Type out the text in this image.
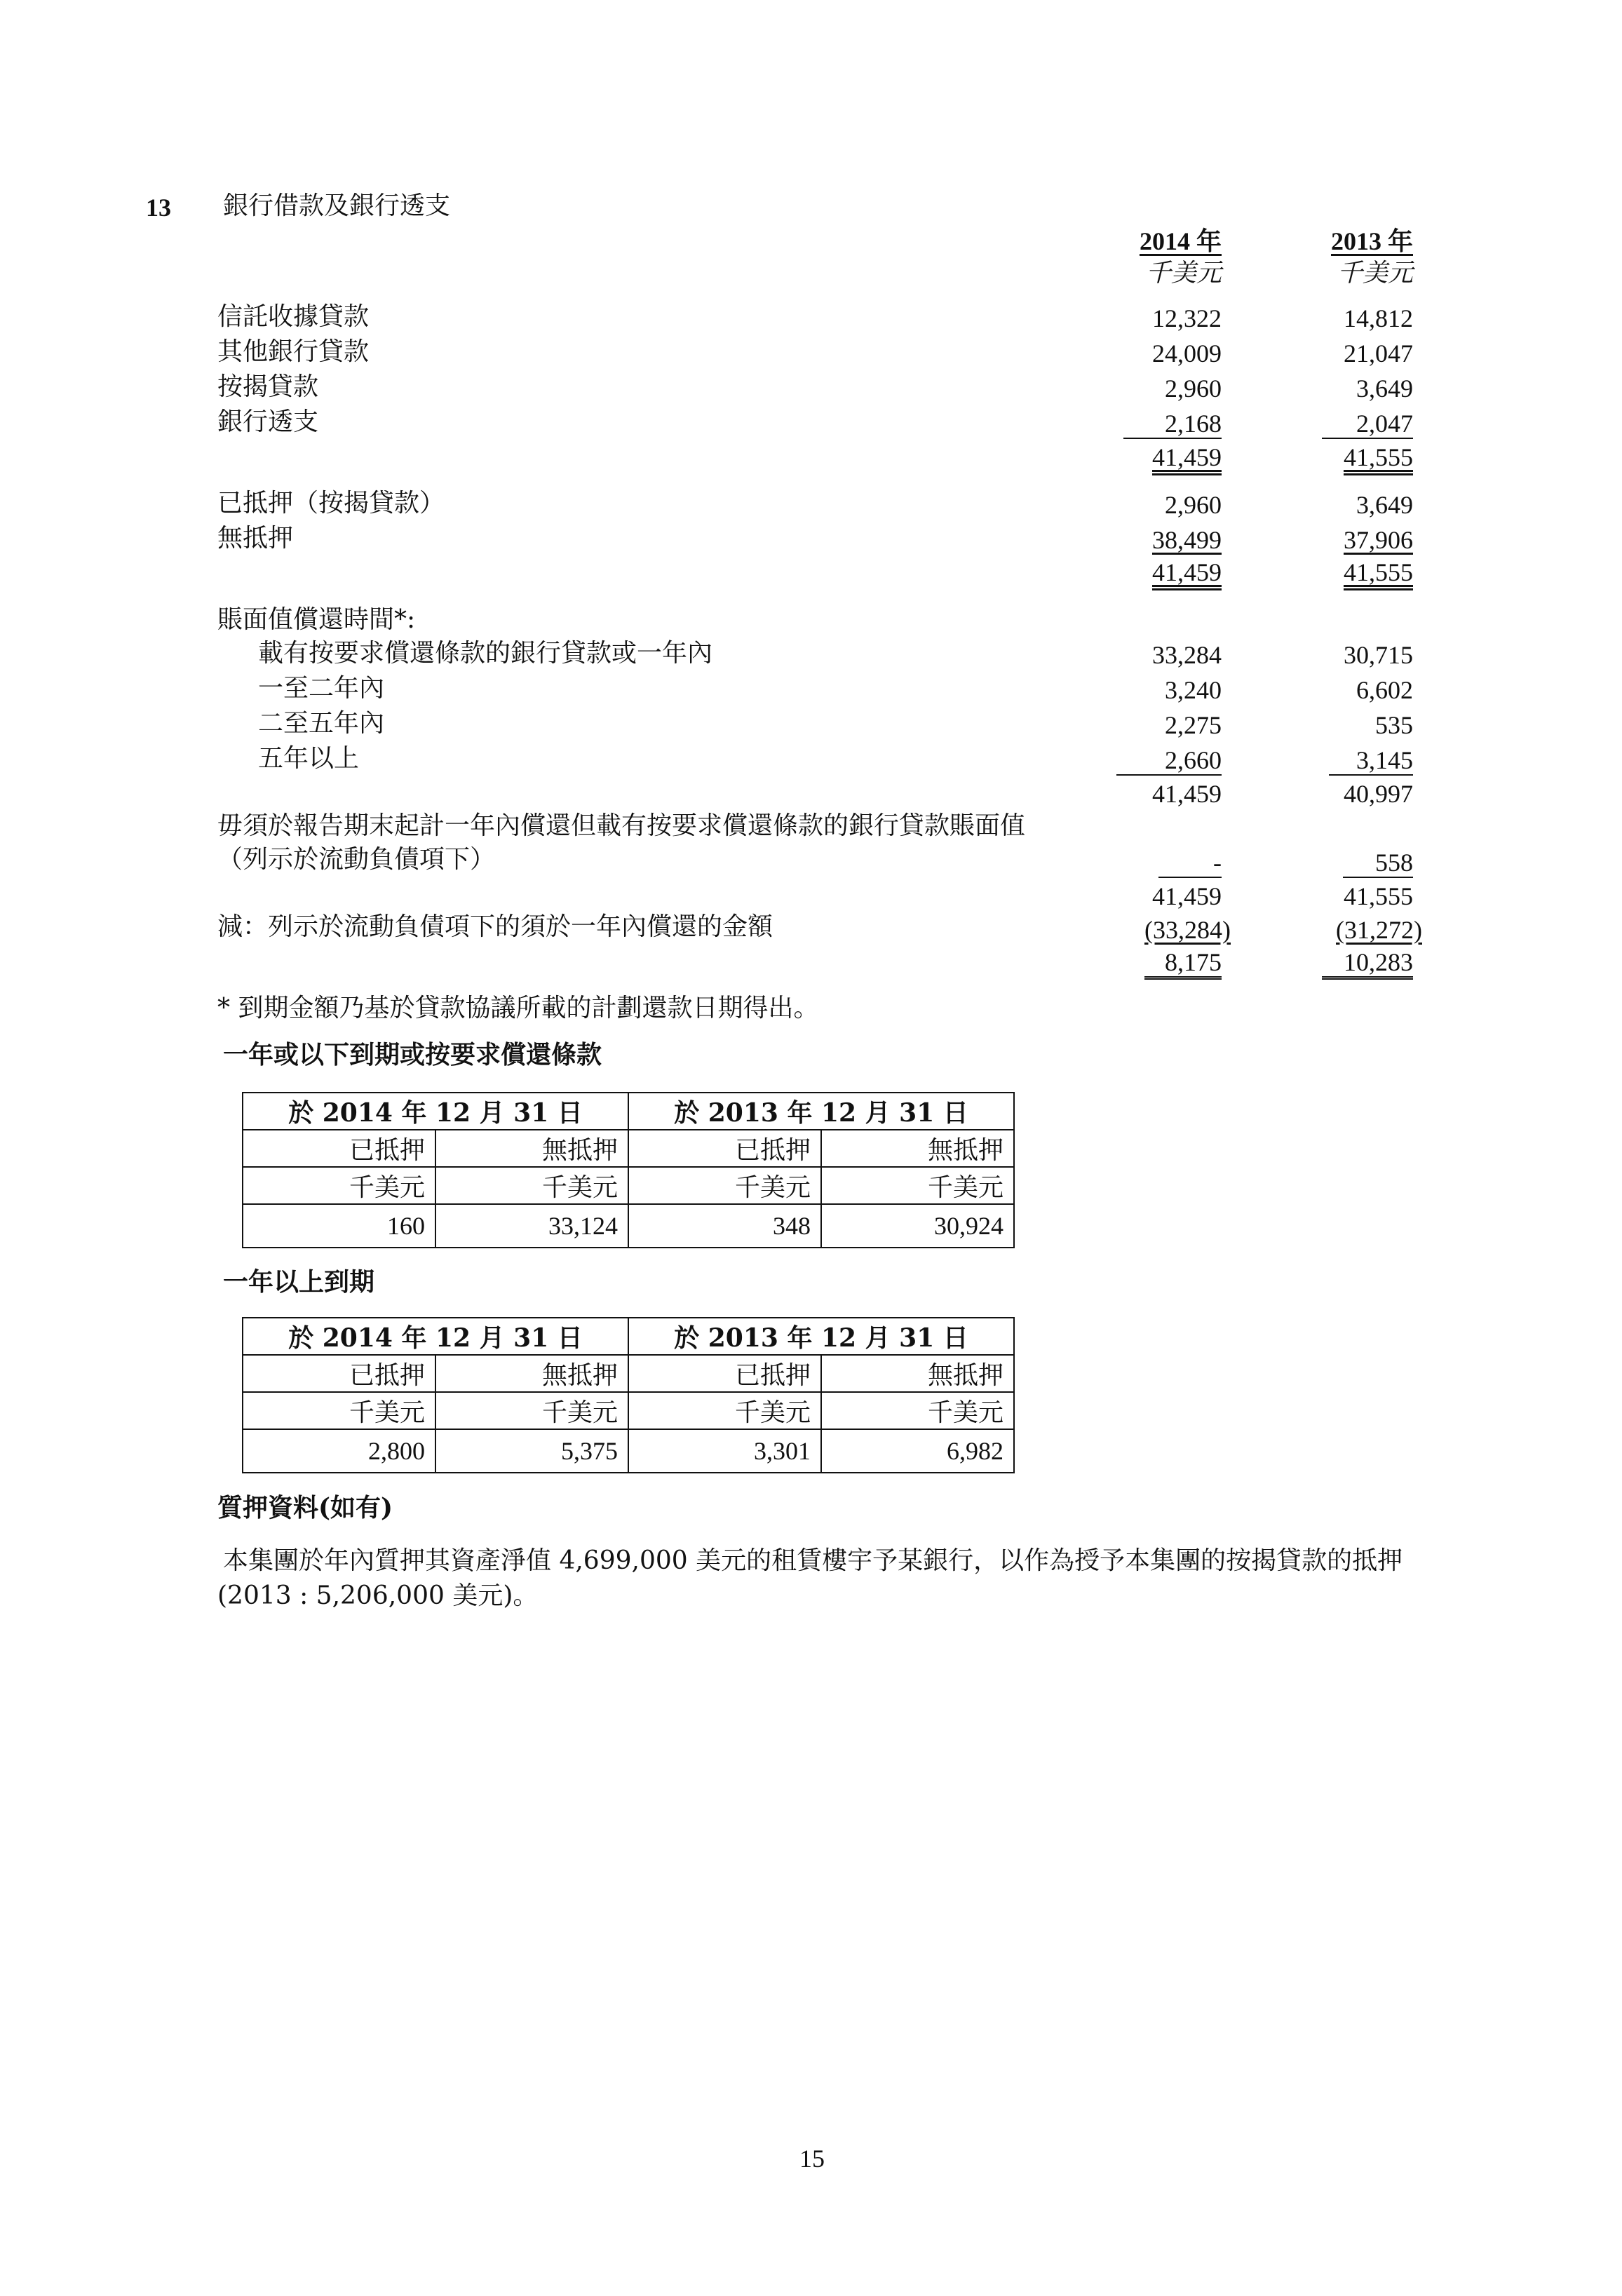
13 銀行借款及銀行透支
2014 年	2013 年
千美元	千美元
信託收據貸款	12,322	14,812
其他銀行貸款	24,009	21,047
按揭貸款	2,960	3,649
銀行透支	2,168	2,047
41,459	41,555
已抵押（按揭貸款）	2,960	3,649
無抵押	38,499	37,906
41,459	41,555
賬面值償還時間*:
載有按要求償還條款的銀行貸款或一年內	33,284	30,715
一至二年內	3,240	6,602
二至五年內	2,275	535
五年以上	2,660	3,145
41,459	40,997
毋須於報告期末起計一年內償還但載有按要求償還條款的銀行貸款賬面值
（列示於流動負債項下）	-	558
41,459	41,555
減：列示於流動負債項下的須於一年內償還的金額	(33,284)	(31,272)
8,175	10,283
* 到期金額乃基於貸款協議所載的計劃還款日期得出。
一年或以下到期或按要求償還條款
於 2014 年 12 月 31 日		於 2013 年 12 月 31 日	
已抵押	無抵押	已抵押	無抵押
千美元	千美元	千美元	千美元
160	33,124	348	30,924
一年以上到期
於 2014 年 12 月 31 日		於 2013 年 12 月 31 日	
已抵押	無抵押	已抵押	無抵押
千美元	千美元	千美元	千美元
2,800	5,375	3,301	6,982
質押資料(如有)
本集團於年內質押其資產淨值 4,699,000 美元的租賃樓宇予某銀行，以作為授予本集團的按揭貸款的抵押
(2013 : 5,206,000 美元)。
15
